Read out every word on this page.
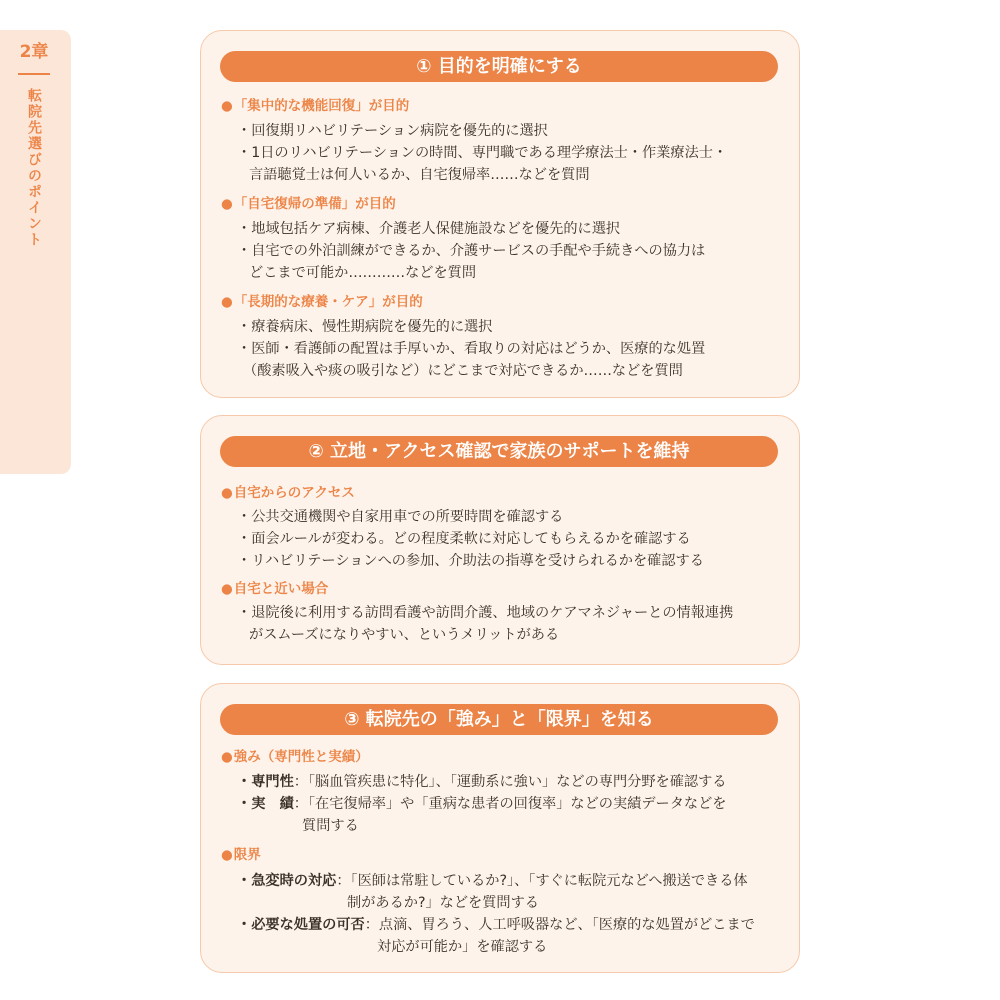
2章
転院先選びのポイント
① 目的を明確にする
●「集中的な機能回復」が目的
・回復期リハビリテーション病院を優先的に選択
・1日のリハビリテーションの時間、専門職である理学療法士・作業療法士・
言語聴覚士は何人いるか、自宅復帰率……などを質問
●「自宅復帰の準備」が目的
・地域包括ケア病棟、介護老人保健施設などを優先的に選択
・自宅での外泊訓練ができるか、介護サービスの手配や手続きへの協力は
どこまで可能か…………などを質問
●「長期的な療養・ケア」が目的
・療養病床、慢性期病院を優先的に選択
・医師・看護師の配置は手厚いか、看取りの対応はどうか、医療的な処置
（酸素吸入や痰の吸引など）にどこまで対応できるか……などを質問
② 立地・アクセス確認で家族のサポートを維持
●自宅からのアクセス
・公共交通機関や自家用車での所要時間を確認する
・面会ルールが変わる。どの程度柔軟に対応してもらえるかを確認する
・リハビリテーションへの参加、介助法の指導を受けられるかを確認する
●自宅と近い場合
・退院後に利用する訪問看護や訪問介護、地域のケアマネジャーとの情報連携
がスムーズになりやすい、というメリットがある
③ 転院先の「強み」と「限界」を知る
●強み（専門性と実績）
・専門性：「脳血管疾患に特化」、「運動系に強い」などの専門分野を確認する
・実　績：「在宅復帰率」や「重病な患者の回復率」などの実績データなどを
質問する
●限界
・急変時の対応：「医師は常駐しているか?」、「すぐに転院元などへ搬送できる体
制があるか?」などを質問する
・必要な処置の可否：点滴、胃ろう、人工呼吸器など、「医療的な処置がどこまで
対応が可能か」を確認する
